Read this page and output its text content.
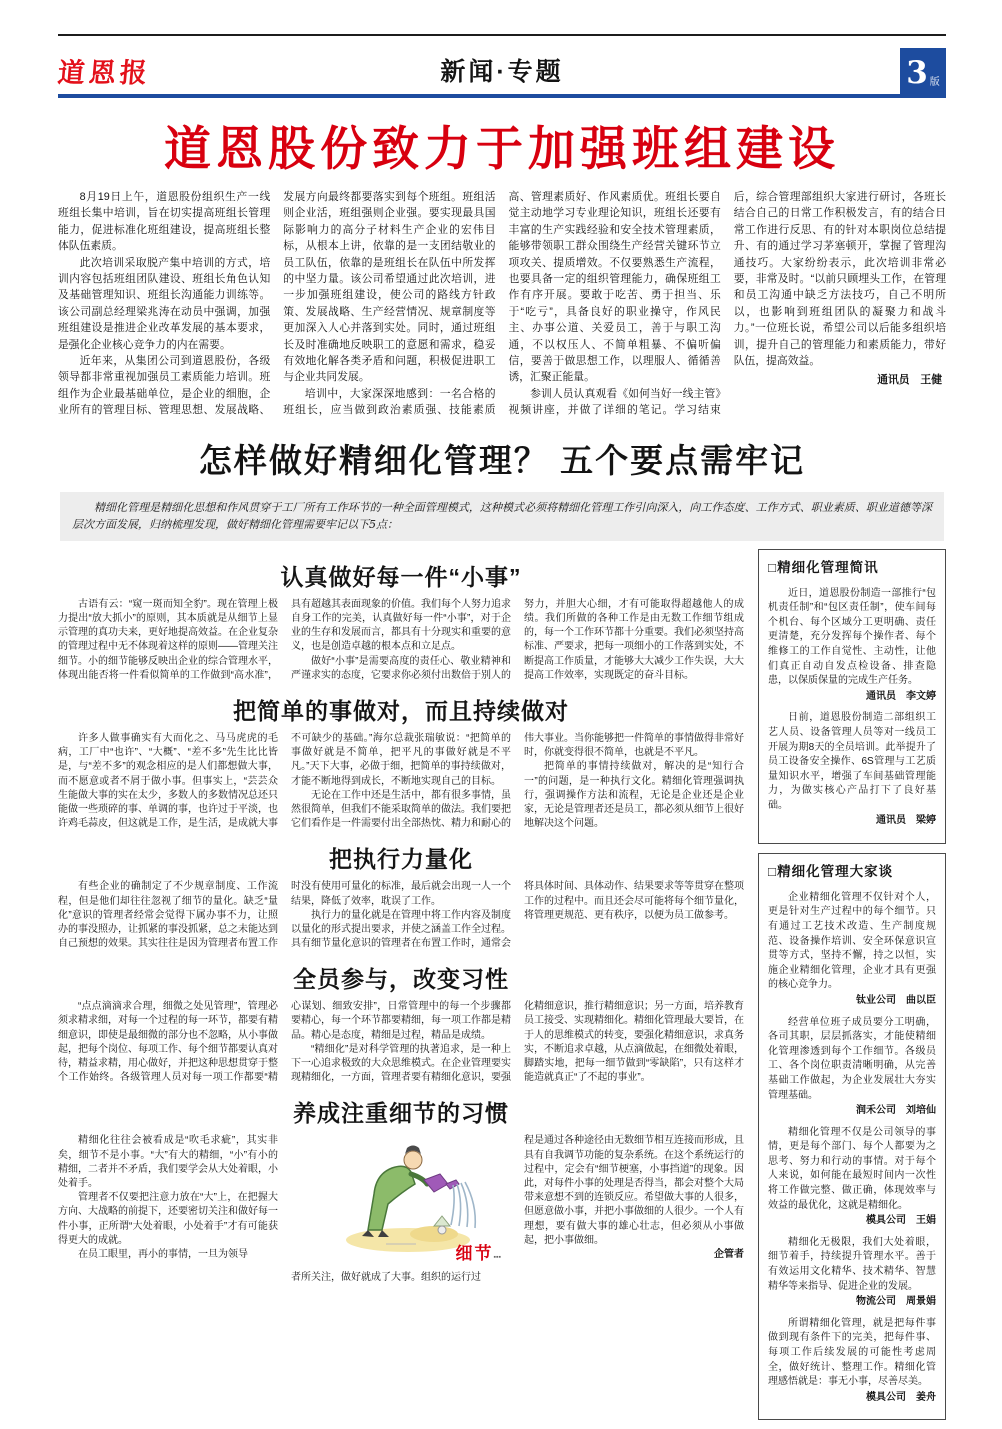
道恩报	新闻·专题	3 版
道恩股份致力于加强班组建设

8月19日上午，道恩股份组织生产一线班组长集中培训，旨在切实提高班组长管理能力，促进标准化班组建设，提高班组长整体队伍素质。

此次培训采取脱产集中培训的方式，培训内容包括班组团队建设、班组长角色认知及基础管理知识、班组长沟通能力训练等。该公司副总经理梁兆涛在动员中强调，加强班组建设是推进企业改革发展的基本要求，是强化企业核心竞争力的内在需要。

近年来，从集团公司到道恩股份，各级领导都非常重视加强员工素质能力培训。班组作为企业最基础单位，是企业的细胞，企业所有的管理目标、管理思想、发展战略、发展方向最终都要落实到每个班组。班组活则企业活，班组强则企业强。要实现最具国际影响力的高分子材料生产企业的宏伟目标，从根本上讲，依靠的是一支团结敬业的员工队伍，依靠的是班组长在队伍中所发挥的中坚力量。该公司希望通过此次培训，进一步加强班组建设，使公司的路线方针政策、发展战略、生产经营情况、规章制度等更加深入人心并落到实处。同时，通过班组长及时准确地反映职工的意愿和需求，稳妥有效地化解各类矛盾和问题，积极促进职工与企业共同发展。

培训中，大家深深地感到：一名合格的班组长，应当做到政治素质强、技能素质高、管理素质好、作风素质优。班组长要自觉主动地学习专业理论知识，班组长还要有丰富的生产实践经验和安全技术管理素质，能够带领职工群众围绕生产经营关键环节立项攻关、提质增效。不仅要熟悉生产流程，也要具备一定的组织管理能力，确保班组工作有序开展。要敢于吃苦、勇于担当、乐于“吃亏”，具备良好的职业操守，作风民主、办事公道、关爱员工，善于与职工沟通，不以权压人、不简单粗暴、不偏听偏信，要善于做思想工作，以理服人、循循善诱，汇聚正能量。

参训人员认真观看《如何当好一线主管》视频讲座，并做了详细的笔记。学习结束后，综合管理部组织大家进行研讨，各班长结合自己的日常工作积极发言，有的结合日常工作进行反思、有的针对本职岗位总结提升、有的通过学习茅塞顿开，掌握了管理沟通技巧。大家纷纷表示，此次培训非常必要，非常及时。“以前只顾埋头工作，在管理和员工沟通中缺乏方法技巧，自己不明所以，也影响到班组团队的凝聚力和战斗力。”一位班长说，希望公司以后能多组织培训，提升自己的管理能力和素质能力，带好队伍，提高效益。

通讯员　王健
怎样做好精细化管理？ 五个要点需牢记
精细化管理是精细化思想和作风贯穿于工厂所有工作环节的一种全面管理模式，这种模式必须将精细化管理工作引向深入，向工作态度、工作方式、职业素质、职业道德等深层次方面发展，归纳梳理发现，做好精细化管理需要牢记以下5点：
认真做好每一件“小事”

古语有云：“窥一斑而知全豹”。现在管理上极力提出“放大抓小”的原则，其本质就是从细节上显示管理的真功夫来，更好地提高效益。在企业复杂的管理过程中无不体现着这样的原则——管理关注细节。小的细节能够反映出企业的综合管理水平，体现出能否将一件看似简单的工作做到“高水准”，具有超越其表面现象的价值。我们每个人努力追求自身工作的完美，认真做好每一件“小事”，对于企业的生存和发展而言，都具有十分现实和重要的意义，也是创造卓越的根本点和立足点。

做好“小事”是需要高度的责任心、敬业精神和严谨求实的态度，它要求你必须付出数倍于别人的努力，并胆大心细，才有可能取得超越他人的成绩。我们所做的各种工作是由无数工作细节组成的，每一个工作环节都十分重要。我们必须坚持高标准、严要求，把每一项细小的工作落到实处，不断提高工作质量，才能够大大减少工作失误，大大提高工作效率，实现既定的奋斗目标。

把简单的事做对，而且持续做对

许多人做事确实有大而化之、马马虎虎的毛病，工厂中“也许”、“大概”、“差不多”先生比比皆是，与“差不多”的观念相应的是人们都想做大事，而不愿意或者不屑于做小事。但事实上，“芸芸众生能做大事的实在太少，多数人的多数情况总还只能做一些琐碎的事、单调的事，也许过于平淡，也许鸡毛蒜皮，但这就是工作，是生活，是成就大事不可缺少的基础。”海尔总裁张瑞敏说：“把简单的事做好就是不简单，把平凡的事做好就是不平凡。”天下大事，必做于细，把简单的事持续做对，才能不断地得到成长，不断地实现自己的目标。

无论在工作中还是生活中，都有很多事情，虽然很简单，但我们不能采取简单的做法。我们要把它们看作是一件需要付出全部热忱、精力和耐心的伟大事业。当你能够把一件简单的事情做得非常好时，你就变得很不简单，也就是不平凡。

把简单的事情持续做对，解决的是“知行合一”的问题，是一种执行文化。精细化管理强调执行，强调操作方法和流程，无论是企业还是企业家，无论是管理者还是员工，都必须从细节上很好地解决这个问题。

把执行力量化

有些企业的确制定了不少规章制度、工作流程，但是他们却往往忽视了细节的量化。缺乏“量化”意识的管理者经常会觉得下属办事不力，让照办的事没照办，让抓紧的事没抓紧，总之未能达到自己预想的效果。其实往往是因为管理者布置工作时没有使用可量化的标准，最后就会出现一人一个结果，降低了效率，耽误了工作。

执行力的量化就是在管理中将工作内容及制度以量化的形式提出要求，并使之涵盖工作全过程。具有细节量化意识的管理者在布置工作时，通常会将具体时间、具体动作、结果要求等等贯穿在整项工作的过程中。而且还会尽可能将每个细节量化，将管理更规范、更有秩序，以便为员工做参考。

全员参与，改变习性

“点点滴滴求合理，细微之处见管理”，管理必须求精求细，对每一个过程的每一环节，都要有精细意识，即使是最细微的部分也不忽略，从小事做起，把每个岗位、每项工作、每个细节都要认真对待，精益求精，用心做好，并把这种思想贯穿于整个工作始终。各级管理人员对每一项工作都要“精心谋划、细致安排”，日常管理中的每一个步骤都要精心，每一个环节都要精细，每一项工作都是精品。精心是态度，精细是过程，精品是成绩。

“精细化”是对科学管理的执著追求，是一种上下一心追求极致的大众思维模式。在企业管理要实现精细化，一方面，管理者要有精细化意识，要强化精细意识，推行精细意识；另一方面，培养教育员工接受、实现精细化。精细化管理最大要旨，在于人的思维模式的转变，要强化精细意识，求真务实，不断追求卓越，从点滴做起，在细微处着眼，脚踏实地，把每一细节做到“零缺陷”，只有这样才能造就真正“了不起的事业”。

养成注重细节的习惯

精细化往往会被看成是“吹毛求疵”，其实非矣，细节不是小事。“大”有大的精细，“小”有小的精细，二者并不矛盾，我们要学会从大处着眼，小处着手。

管理者不仅要把注意力放在“大”上，在把握大方向、大战略的前提下，还要密切关注和做好每一件小事，正所谓“大处着眼，小处着手”才有可能获得更大的成就。

在员工眼里，再小的事情，一旦为领导	细节▪▪▪

者所关注，做好就成了大事。组织的运行过

程是通过各种途径由无数细节相互连接而形成，且具有自我调节功能的复杂系统。在这个系统运行的过程中，定会有“细节梗塞，小事挡道”的现象。因此，对每件小事的处理是否得当，都会对整个大局带来意想不到的连锁反应。希望做大事的人很多，但愿意做小事，并把小事做细的人很少。一个人有理想，要有做大事的雄心壮志，但必须从小事做起，把小事做细。

企管者
□精细化管理简讯

近日，道恩股份制造一部推行“包机责任制”和“包区责任制”，使车间每个机台、每个区域分工更明确、责任更清楚，充分发挥每个操作者、每个维修工的工作自觉性、主动性，让他们真正自动自发点检设备、排查隐患，以保质保量的完成生产任务。

通讯员　李文婷

日前，道恩股份制造二部组织工艺人员、设备管理人员等对一线员工开展为期8天的全员培训。此举提升了员工设备安全操作、6S管理与工艺质量知识水平，增强了车间基础管理能力，为做实核心产品打下了良好基础。

通讯员　梁婷
□精细化管理大家谈

企业精细化管理不仅针对个人，更是针对生产过程中的每个细节。只有通过工艺技术改造、生产制度规范、设备操作培训、安全环保意识宣贯等方式，坚持不懈，持之以恒，实施企业精细化管理，企业才具有更强的核心竞争力。

钛业公司　曲以臣

经营单位班子成员要分工明确，各司其职，层层抓落实，才能使精细化管理渗透到每个工作细节。各级员工、各个岗位职责清晰明确，从完善基础工作做起，为企业发展壮大夯实管理基础。

润禾公司　刘培仙

精细化管理不仅是公司领导的事情，更是每个部门、每个人都要为之思考、努力和行动的事情。对于每个人来说，如何能在最短时间内一次性将工作做完整、做正确，体现效率与效益的最优化，这就是精细化。

模具公司　王娟

精细化无极限，我们大处着眼，细节着手，持续提升管理水平。善于有效运用文化精华、技术精华、智慧精华等来指导、促进企业的发展。

物流公司　周景娟

所谓精细化管理，就是把每件事做到现有条件下的完美，把每件事、每项工作后续发展的可能性考虑周全，做好统计、整理工作。精细化管理感悟就是：事无小事，尽善尽美。

模具公司　姜舟
